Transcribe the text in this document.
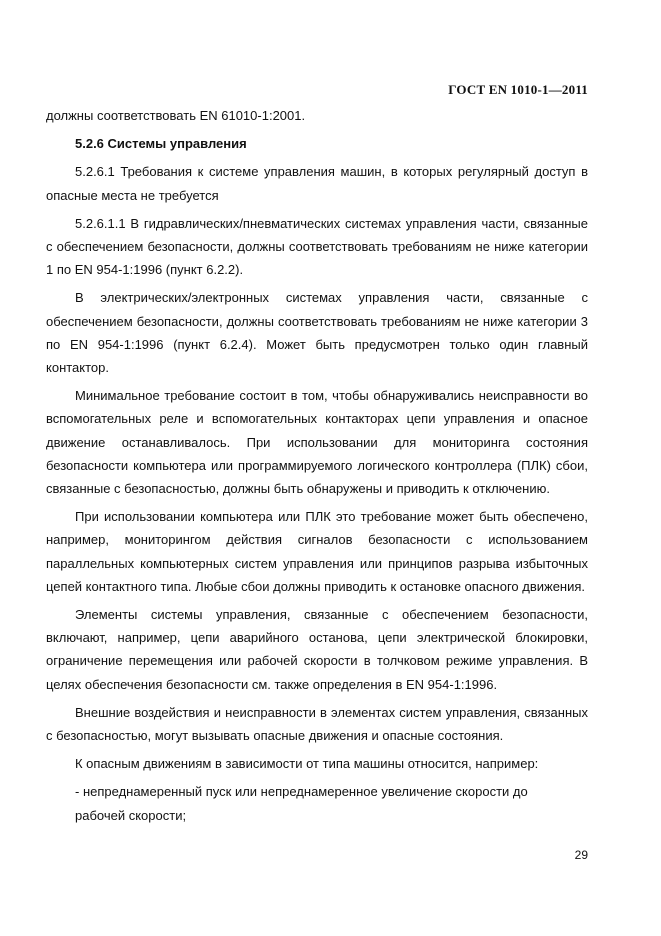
ГОСТ EN 1010-1—2011

должны соответствовать EN 61010-1:2001.

5.2.6 Системы управления

5.2.6.1 Требования к системе управления машин, в которых регулярный доступ в опасные места не требуется

5.2.6.1.1 В гидравлических/пневматических системах управления части, связанные с обеспечением безопасности, должны соответствовать требованиям не ниже категории 1 по EN 954-1:1996 (пункт 6.2.2).

В электрических/электронных системах управления части, связанные с обеспечением безопасности, должны соответствовать требованиям не ниже категории 3 по EN 954-1:1996 (пункт 6.2.4). Может быть предусмотрен только один главный контактор.

Минимальное требование состоит в том, чтобы обнаруживались неисправности во вспомогательных реле и вспомогательных контакторах цепи управления и опасное движение останавливалось. При использовании для мониторинга состояния безопасности компьютера или программируемого логического контроллера (ПЛК) сбои, связанные с безопасностью, должны быть обнаружены и приводить к отключению.

При использовании компьютера или ПЛК это требование может быть обеспечено, например, мониторингом действия сигналов безопасности с использованием параллельных компьютерных систем управления или принципов разрыва избыточных цепей контактного типа. Любые сбои должны приводить к остановке опасного движения.

Элементы системы управления, связанные с обеспечением безопасности, включают, например, цепи аварийного останова, цепи электрической блокировки, ограничение перемещения или рабочей скорости в толчковом режиме управления. В целях обеспечения безопасности см. также определения в EN 954-1:1996.

Внешние воздействия и неисправности в элементах систем управления, связанных с безопасностью, могут вызывать опасные движения и опасные состояния.

К опасным движениям в зависимости от типа машины относится, например:

- непреднамеренный пуск или непреднамеренное увеличение скорости до

рабочей скорости;

29
